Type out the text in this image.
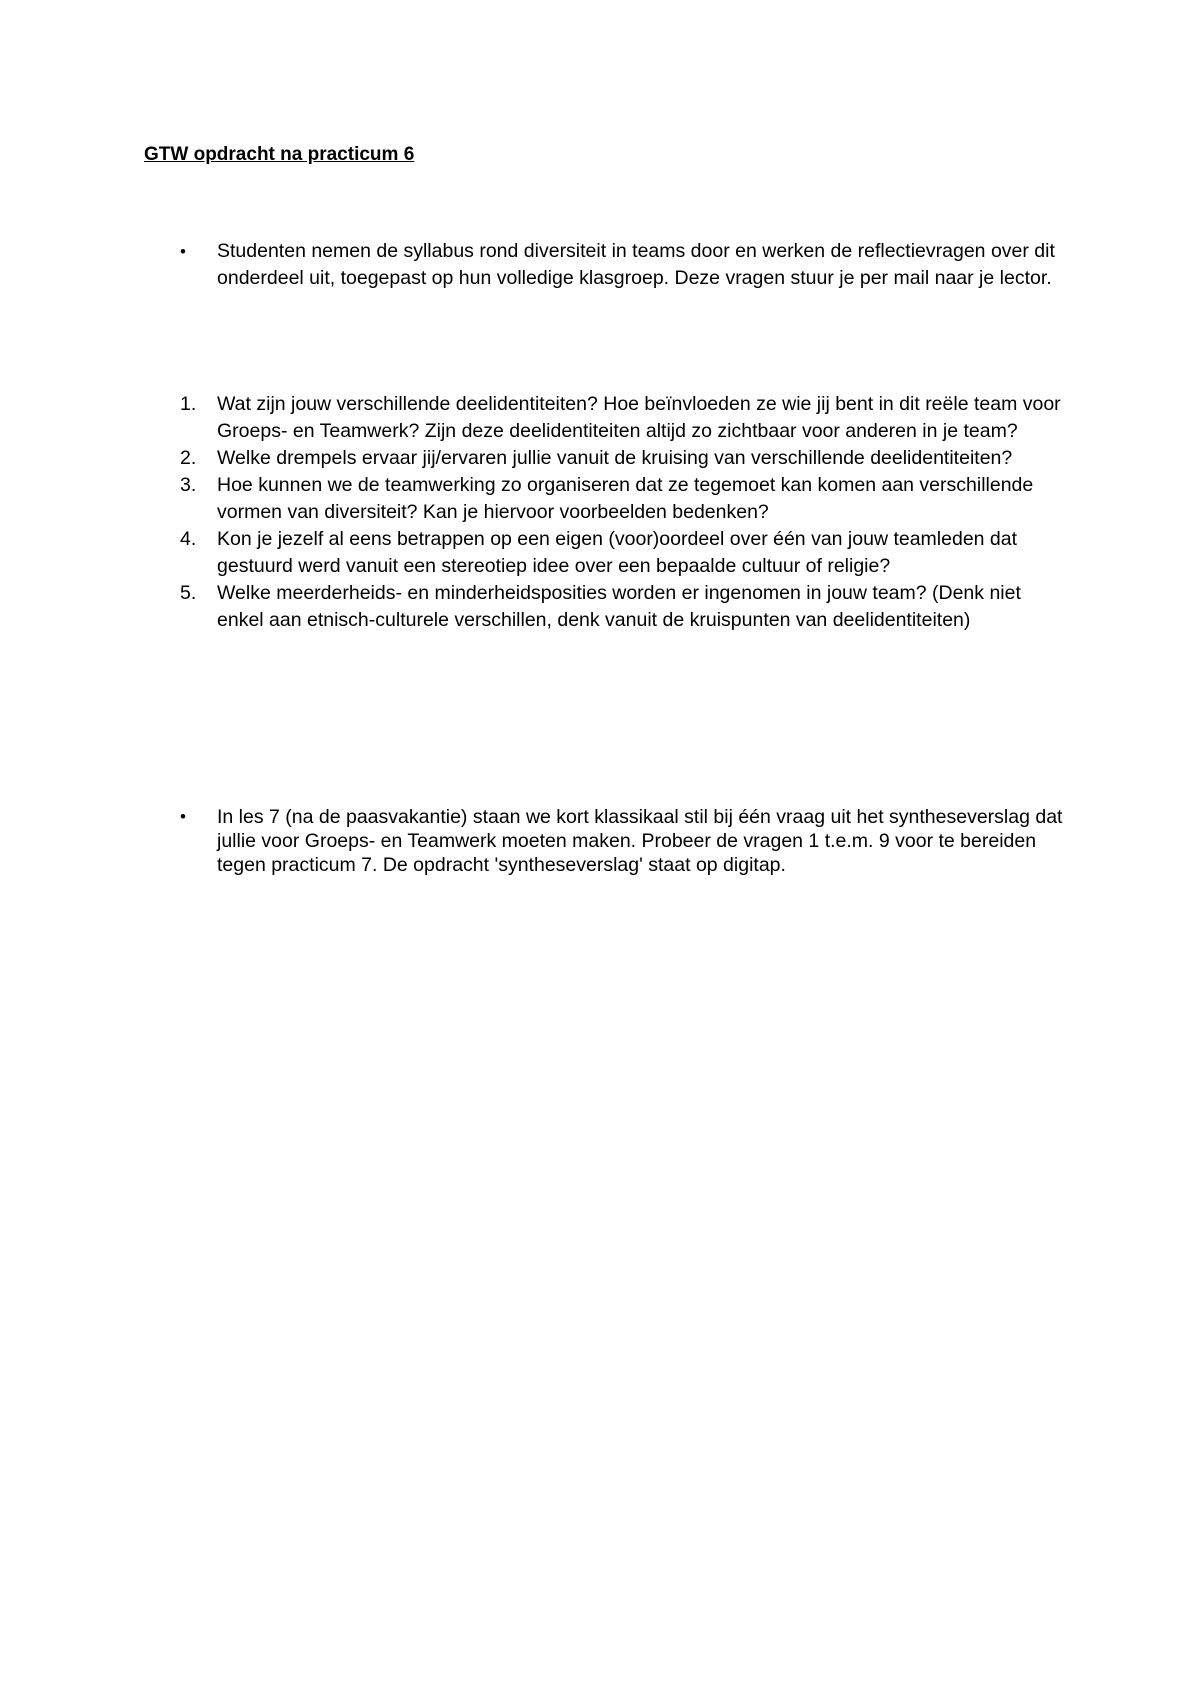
GTW opdracht na practicum 6
•	Studenten nemen de syllabus rond diversiteit in teams door en werken de reflectievragen over dit onderdeel uit, toegepast op hun volledige klasgroep. Deze vragen stuur je per mail naar je lector.
1.	Wat zijn jouw verschillende deelidentiteiten? Hoe beïnvloeden ze wie jij bent in dit reële team voor Groeps- en Teamwerk? Zijn deze deelidentiteiten altijd zo zichtbaar voor anderen in je team?
2.	Welke drempels ervaar jij/ervaren jullie vanuit de kruising van verschillende deelidentiteiten?
3.	Hoe kunnen we de teamwerking zo organiseren dat ze tegemoet kan komen aan verschillende vormen van diversiteit? Kan je hiervoor voorbeelden bedenken?
4.	Kon je jezelf al eens betrappen op een eigen (voor)oordeel over één van jouw teamleden dat gestuurd werd vanuit een stereotiep idee over een bepaalde cultuur of religie?
5.	Welke meerderheids- en minderheidsposities worden er ingenomen in jouw team? (Denk niet enkel aan etnisch-culturele verschillen, denk vanuit de kruispunten van deelidentiteiten)
•	In les 7 (na de paasvakantie) staan we kort klassikaal stil bij één vraag uit het syntheseverslag dat jullie voor Groeps- en Teamwerk moeten maken. Probeer de vragen 1 t.e.m. 9 voor te bereiden tegen practicum 7. De opdracht 'syntheseverslag' staat op digitap.
